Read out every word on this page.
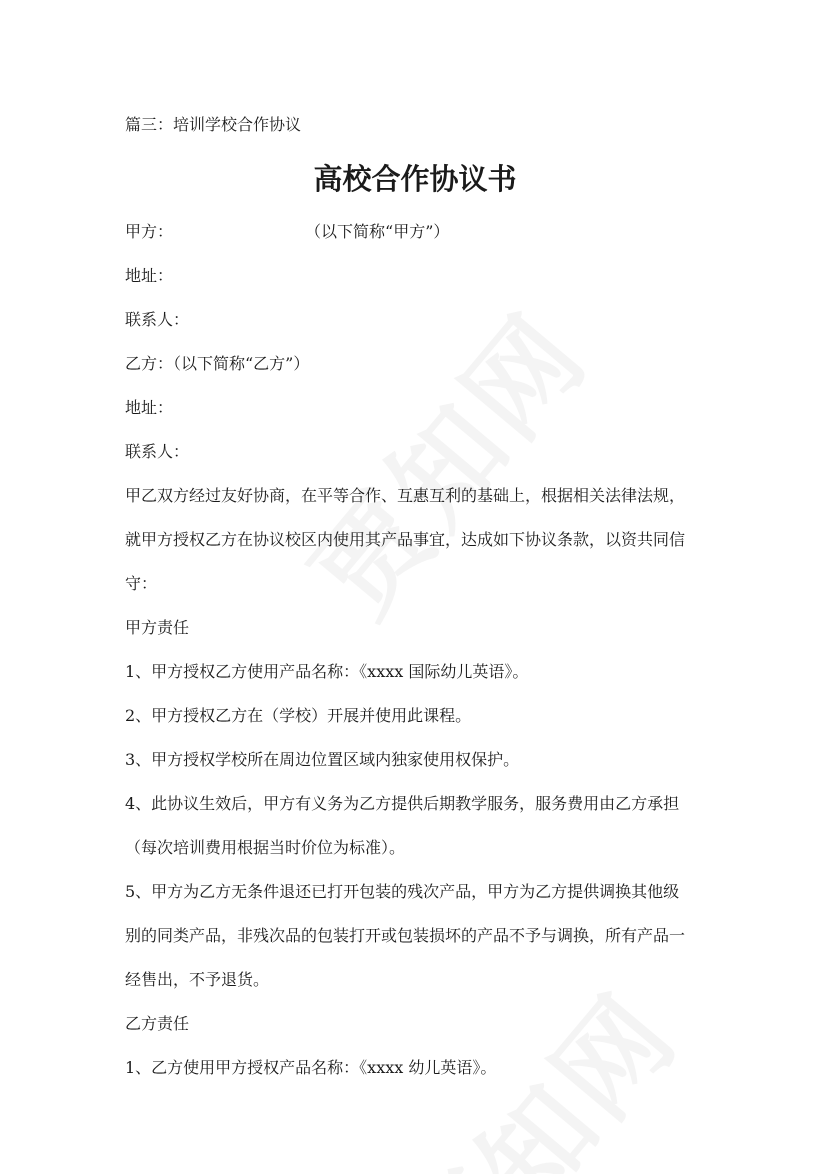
篇三：培训学校合作协议
高校合作协议书
甲方：	（以下简称“甲方”）
地址：
联系人：
乙方：（以下简称“乙方”）
地址：
联系人：
甲乙双方经过友好协商，在平等合作、互惠互利的基础上，根据相关法律法规，
就甲方授权乙方在协议校区内使用其产品事宜，达成如下协议条款，以资共同信
守：
甲方责任
1、甲方授权乙方使用产品名称：《xxxx 国际幼儿英语》。
2、甲方授权乙方在（学校）开展并使用此课程。
3、甲方授权学校所在周边位置区域内独家使用权保护。
4、此协议生效后，甲方有义务为乙方提供后期教学服务，服务费用由乙方承担
（每次培训费用根据当时价位为标准）。
5、甲方为乙方无条件退还已打开包装的残次产品，甲方为乙方提供调换其他级
别的同类产品，非残次品的包装打开或包装损坏的产品不予与调换，所有产品一
经售出，不予退货。
乙方责任
1、乙方使用甲方授权产品名称：《xxxx 幼儿英语》。
